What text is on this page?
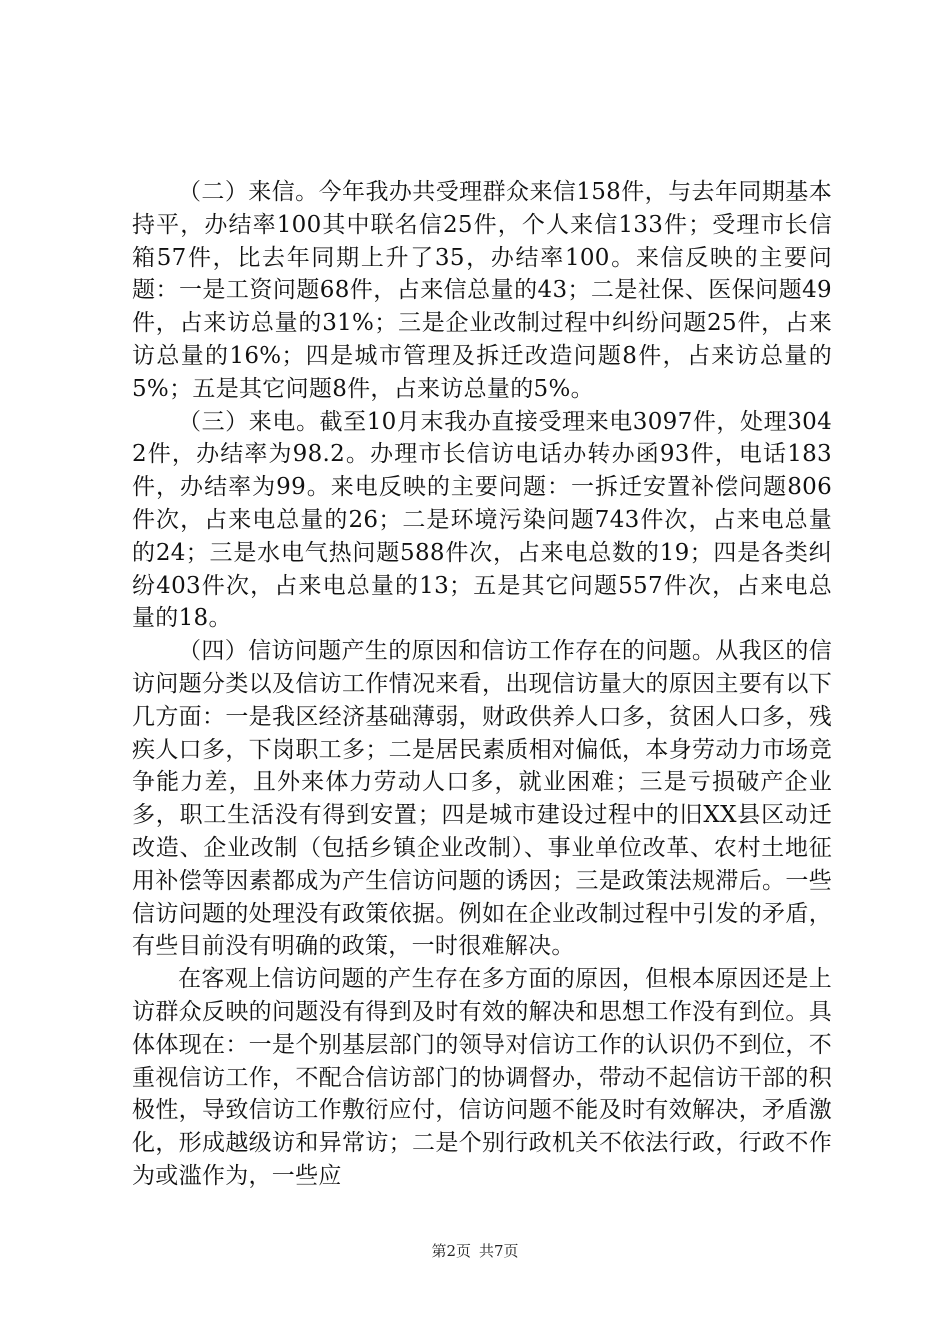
（二）来信。今年我办共受理群众来信158件，与去年同期基本持平，办结率100其中联名信25件，个人来信133件；受理市长信箱57件，比去年同期上升了35，办结率100。来信反映的主要问题：一是工资问题68件，占来信总量的43；二是社保、医保问题49件，占来访总量的31%；三是企业改制过程中纠纷问题25件，占来访总量的16%；四是城市管理及拆迁改造问题8件，占来访总量的5%；五是其它问题8件，占来访总量的5%。

（三）来电。截至10月末我办直接受理来电3097件，处理3042件，办结率为98.2。办理市长信访电话办转办函93件，电话183件，办结率为99。来电反映的主要问题：一拆迁安置补偿问题806件次，占来电总量的26；二是环境污染问题743件次，占来电总量的24；三是水电气热问题588件次，占来电总数的19；四是各类纠纷403件次，占来电总量的13；五是其它问题557件次，占来电总量的18。

（四）信访问题产生的原因和信访工作存在的问题。从我区的信访问题分类以及信访工作情况来看，出现信访量大的原因主要有以下几方面：一是我区经济基础薄弱，财政供养人口多，贫困人口多，残疾人口多，下岗职工多；二是居民素质相对偏低，本身劳动力市场竞争能力差，且外来体力劳动人口多，就业困难；三是亏损破产企业多，职工生活没有得到安置；四是城市建设过程中的旧XX县区动迁改造、企业改制（包括乡镇企业改制）、事业单位改革、农村土地征用补偿等因素都成为产生信访问题的诱因；三是政策法规滞后。一些信访问题的处理没有政策依据。例如在企业改制过程中引发的矛盾，有些目前没有明确的政策，一时很难解决。

在客观上信访问题的产生存在多方面的原因，但根本原因还是上访群众反映的问题没有得到及时有效的解决和思想工作没有到位。具体体现在：一是个别基层部门的领导对信访工作的认识仍不到位，不重视信访工作，不配合信访部门的协调督办，带动不起信访干部的积极性，导致信访工作敷衍应付，信访问题不能及时有效解决，矛盾激化，形成越级访和异常访；二是个别行政机关不依法行政，行政不作为或滥作为，一些应

第2页 共7页
